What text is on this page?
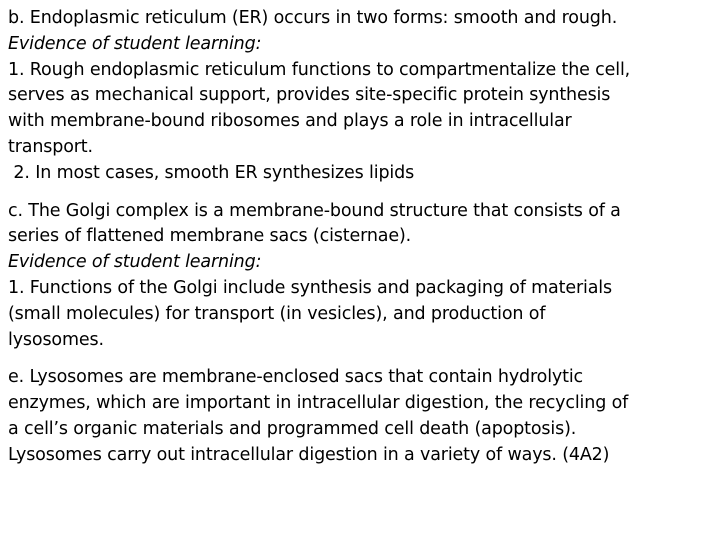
b. Endoplasmic reticulum (ER) occurs in two forms: smooth and rough.
Evidence of student learning:
1. Rough endoplasmic reticulum functions to compartmentalize the cell,
serves as mechanical support, provides site-specific protein synthesis
with membrane-bound ribosomes and plays a role in intracellular
transport.
2. In most cases, smooth ER synthesizes lipids
c. The Golgi complex is a membrane-bound structure that consists of a
series of flattened membrane sacs (cisternae).
Evidence of student learning:
1. Functions of the Golgi include synthesis and packaging of materials
(small molecules) for transport (in vesicles), and production of
lysosomes.
e. Lysosomes are membrane-enclosed sacs that contain hydrolytic
enzymes, which are important in intracellular digestion, the recycling of
a cell’s organic materials and programmed cell death (apoptosis).
Lysosomes carry out intracellular digestion in a variety of ways. (4A2)
